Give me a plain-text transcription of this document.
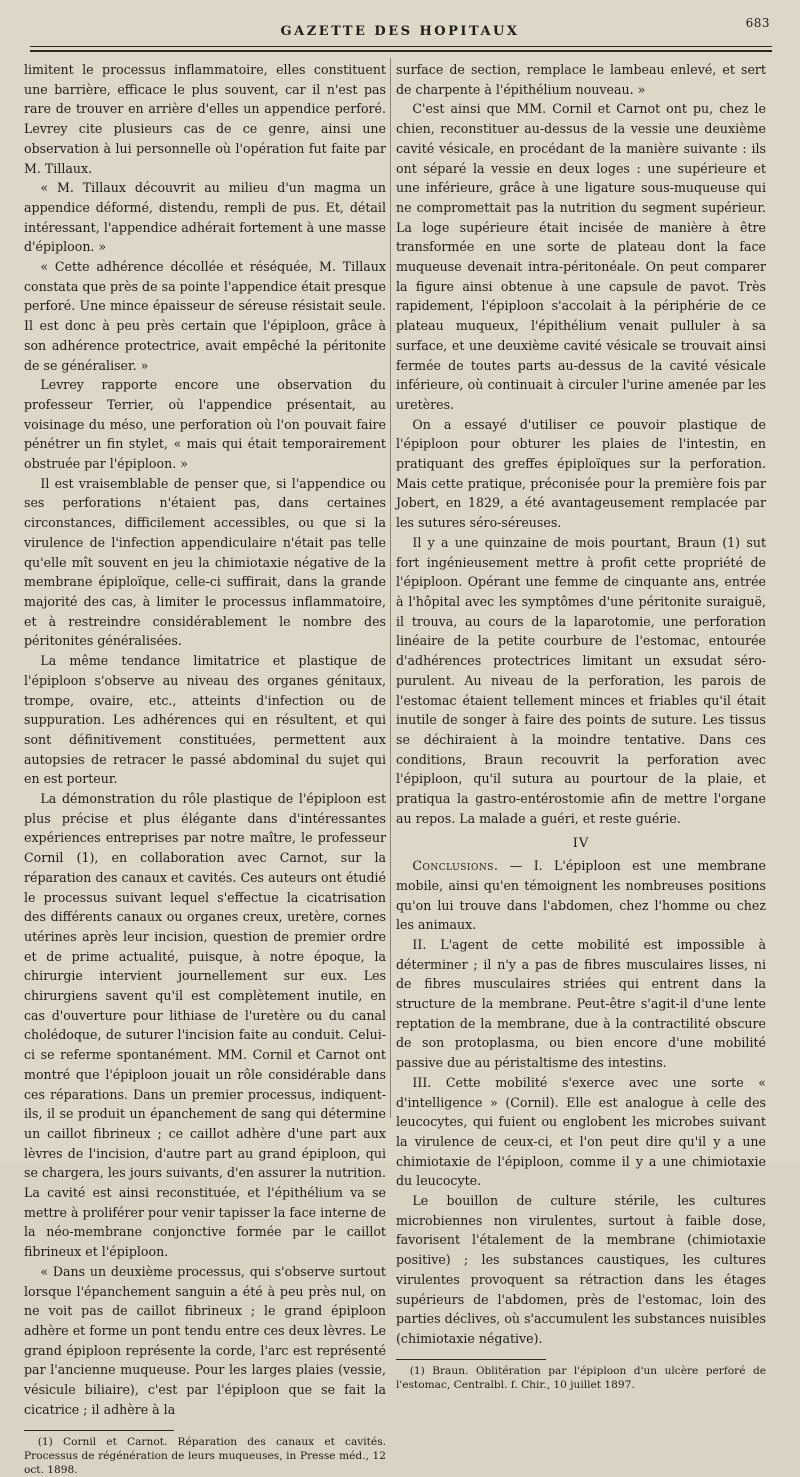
GAZETTE DES HOPITAUX
683

limitent le processus inflammatoire, elles constituent une barrière, efficace le plus souvent, car il n'est pas rare de trouver en arrière d'elles un appendice perforé. Levrey cite plusieurs cas de ce genre, ainsi une observation à lui personnelle où l'opération fut faite par M. Tillaux.

« M. Tillaux découvrit au milieu d'un magma un appendice déformé, distendu, rempli de pus. Et, détail intéressant, l'appendice adhérait fortement à une masse d'épiploon. »

« Cette adhérence décollée et réséquée, M. Tillaux constata que près de sa pointe l'appendice était presque perforé. Une mince épaisseur de séreuse résistait seule. Il est donc à peu près certain que l'épiploon, grâce à son adhérence protectrice, avait empêché la péritonite de se généraliser. »

Levrey rapporte encore une observation du professeur Terrier, où l'appendice présentait, au voisinage du méso, une perforation où l'on pouvait faire pénétrer un fin stylet, « mais qui était temporairement obstruée par l'épiploon. »

Il est vraisemblable de penser que, si l'appendice ou ses perforations n'étaient pas, dans certaines circonstances, difficilement accessibles, ou que si la virulence de l'infection appendiculaire n'était pas telle qu'elle mît souvent en jeu la chimiotaxie négative de la membrane épiploïque, celle-ci suffirait, dans la grande majorité des cas, à limiter le processus inflammatoire, et à restreindre considérablement le nombre des péritonites généralisées.

La même tendance limitatrice et plastique de l'épiploon s'observe au niveau des organes génitaux, trompe, ovaire, etc., atteints d'infection ou de suppuration. Les adhérences qui en résultent, et qui sont définitivement constituées, permettent aux autopsies de retracer le passé abdominal du sujet qui en est porteur.

La démonstration du rôle plastique de l'épiploon est plus précise et plus élégante dans d'intéressantes expériences entreprises par notre maître, le professeur Cornil (1), en collaboration avec Carnot, sur la réparation des canaux et cavités. Ces auteurs ont étudié le processus suivant lequel s'effectue la cicatrisation des différents canaux ou organes creux, uretère, cornes utérines après leur incision, question de premier ordre et de prime actualité, puisque, à notre époque, la chirurgie intervient journellement sur eux. Les chirurgiens savent qu'il est complètement inutile, en cas d'ouverture pour lithiase de l'uretère ou du canal cholédoque, de suturer l'incision faite au conduit. Celui-ci se referme spontanément. MM. Cornil et Carnot ont montré que l'épiploon jouait un rôle considérable dans ces réparations. Dans un premier processus, indiquent-ils, il se produit un épanchement de sang qui détermine un caillot fibrineux ; ce caillot adhère d'une part aux lèvres de l'incision, d'autre part au grand épiploon, qui se chargera, les jours suivants, d'en assurer la nutrition. La cavité est ainsi reconstituée, et l'épithélium va se mettre à proliférer pour venir tapisser la face interne de la néo-membrane conjonctive formée par le caillot fibrineux et l'épiploon.

« Dans un deuxième processus, qui s'observe surtout lorsque l'épanchement sanguin a été à peu près nul, on ne voit pas de caillot fibrineux ; le grand épiploon adhère et forme un pont tendu entre ces deux lèvres. Le grand épiploon représente la corde, l'arc est représenté par l'ancienne muqueuse. Pour les larges plaies (vessie, vésicule biliaire), c'est par l'épiploon que se fait la cicatrice ; il adhère à la

(1) Cornil et Carnot. Réparation des canaux et cavités. Processus de régénération de leurs muqueuses, in Presse méd., 12 oct. 1898.

surface de section, remplace le lambeau enlevé, et sert de charpente à l'épithélium nouveau. »

C'est ainsi que MM. Cornil et Carnot ont pu, chez le chien, reconstituer au-dessus de la vessie une deuxième cavité vésicale, en procédant de la manière suivante : ils ont séparé la vessie en deux loges : une supérieure et une inférieure, grâce à une ligature sous-muqueuse qui ne compromettait pas la nutrition du segment supérieur. La loge supérieure était incisée de manière à être transformée en une sorte de plateau dont la face muqueuse devenait intra-péritonéale. On peut comparer la figure ainsi obtenue à une capsule de pavot. Très rapidement, l'épiploon s'accolait à la périphérie de ce plateau muqueux, l'épithélium venait pulluler à sa surface, et une deuxième cavité vésicale se trouvait ainsi fermée de toutes parts au-dessus de la cavité vésicale inférieure, où continuait à circuler l'urine amenée par les uretères.

On a essayé d'utiliser ce pouvoir plastique de l'épiploon pour obturer les plaies de l'intestin, en pratiquant des greffes épiploïques sur la perforation. Mais cette pratique, préconisée pour la première fois par Jobert, en 1829, a été avantageusement remplacée par les sutures séro-séreuses.

Il y a une quinzaine de mois pourtant, Braun (1) sut fort ingénieusement mettre à profit cette propriété de l'épiploon. Opérant une femme de cinquante ans, entrée à l'hôpital avec les symptômes d'une péritonite suraiguë, il trouva, au cours de la laparotomie, une perforation linéaire de la petite courbure de l'estomac, entourée d'adhérences protectrices limitant un exsudat séro-purulent. Au niveau de la perforation, les parois de l'estomac étaient tellement minces et friables qu'il était inutile de songer à faire des points de suture. Les tissus se déchiraient à la moindre tentative. Dans ces conditions, Braun recouvrit la perforation avec l'épiploon, qu'il sutura au pourtour de la plaie, et pratiqua la gastro-entérostomie afin de mettre l'organe au repos. La malade a guéri, et reste guérie.

IV

Conclusions. — I. L'épiploon est une membrane mobile, ainsi qu'en témoignent les nombreuses positions qu'on lui trouve dans l'abdomen, chez l'homme ou chez les animaux.

II. L'agent de cette mobilité est impossible à déterminer ; il n'y a pas de fibres musculaires lisses, ni de fibres musculaires striées qui entrent dans la structure de la membrane. Peut-être s'agit-il d'une lente reptation de la membrane, due à la contractilité obscure de son protoplasma, ou bien encore d'une mobilité passive due au péristaltisme des intestins.

III. Cette mobilité s'exerce avec une sorte « d'intelligence » (Cornil). Elle est analogue à celle des leucocytes, qui fuient ou englobent les microbes suivant la virulence de ceux-ci, et l'on peut dire qu'il y a une chimiotaxie de l'épiploon, comme il y a une chimiotaxie du leucocyte.

Le bouillon de culture stérile, les cultures microbiennes non virulentes, surtout à faible dose, favorisent l'étalement de la membrane (chimiotaxie positive) ; les substances caustiques, les cultures virulentes provoquent sa rétraction dans les étages supérieurs de l'abdomen, près de l'estomac, loin des parties déclives, où s'accumulent les substances nuisibles (chimiotaxie négative).

(1) Braun. Oblitération par l'épiploon d'un ulcère perforé de l'estomac, Centralbl. f. Chir., 10 juillet 1897.
